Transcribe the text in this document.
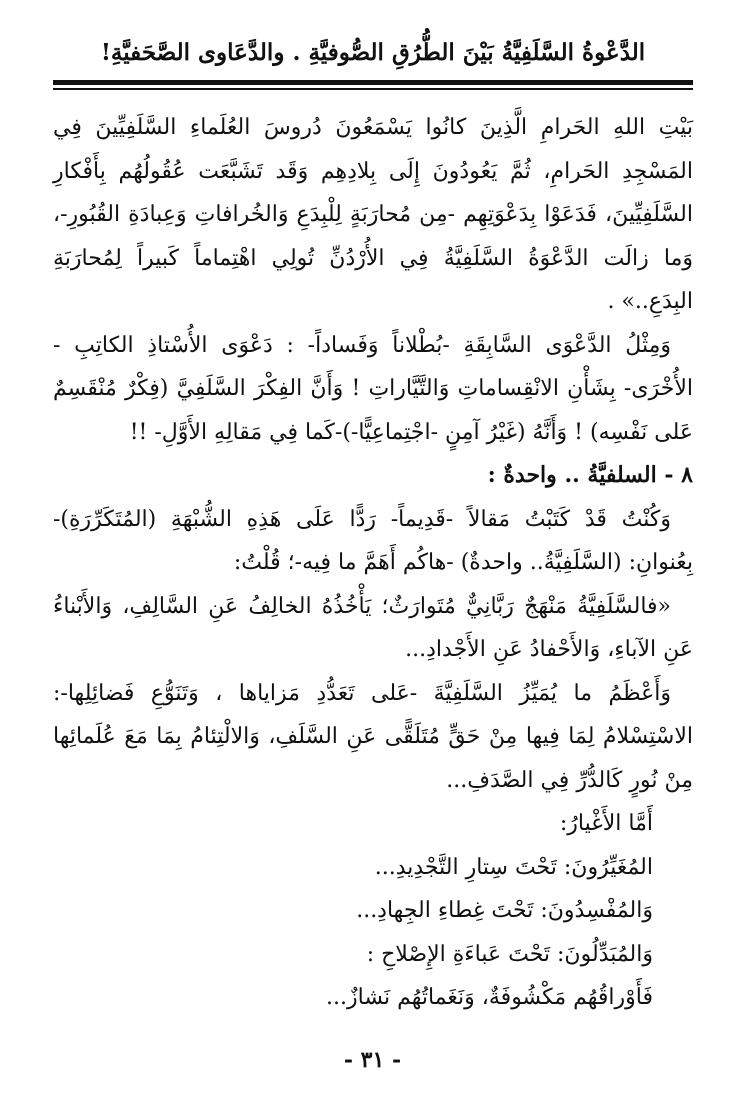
الدَّعْوةُ السَّلَفِيَّةُ بَيْنَ الطُّرُقِ الصُّوفيَّةِ . والدَّعَاوى الصَّحَفيَّةِ!

بَيْتِ اللهِ الحَرامِ الَّذِينَ كانُوا يَسْمَعُونَ دُروسَ العُلَماءِ السَّلَفِيِّينَ فِي المَسْجِدِ الحَرامِ، ثُمَّ يَعُودُونَ إِلَى بِلادِهِم وَقَد تَشَبَّعَت عُقُولُهُم بِأَفْكارِ السَّلَفِيِّينَ، فَدَعَوْا بِدَعْوَتِهِم -مِن مُحارَبَةٍ لِلْبِدَعِ وَالخُرافاتِ وَعِبادَةِ القُبُورِ-، وَما زالَت الدَّعْوَةُ السَّلَفِيَّةُ فِي الأُرْدُنِّ تُولِي اهْتِماماً كَبيراً لِمُحارَبَةِ البِدَعِ..» .

وَمِثْلُ الدَّعْوَى السَّابِقَةِ -بُطْلاناً وَفَساداً- : دَعْوَى الأُسْتاذِ الكاتِبِ - الأُخْرَى- بِشَأْنِ الانْقِساماتِ وَالتَّيَّاراتِ ! وَأَنَّ الفِكْرَ السَّلَفِيَّ (فِكْرٌ مُنْقَسِمٌ عَلى نَفْسِه) ! وَأَنَّهُ (غَيْرُ آمِنٍ -اجْتِماعِيًّا-)-كَما فِي مَقالِهِ الأَوَّلِ- !!

٨ - السلفيَّةُ .. واحدةٌ :

وَكُنْتُ قَدْ كَتَبْتُ مَقالاً -قَدِيماً- رَدًّا عَلَى هَذِهِ الشُّبْهَةِ (المُتَكَرِّرَةِ)- بِعُنوانِ: (السَّلَفِيَّةُ.. واحدةٌ) -هاكُم أَهَمَّ ما فِيه-؛ قُلْتُ:

«فالسَّلَفِيَّةُ مَنْهَجٌ رَبَّانِيٌّ مُتَوارَثٌ؛ يَأْخُذُهُ الخالِفُ عَنِ السَّالِفِ، وَالأَبْناءُ عَنِ الآباءِ، وَالأَحْفادُ عَنِ الأَجْدادِ...

وَأَعْظَمُ ما يُمَيِّزُ السَّلَفِيَّةَ -عَلى تَعَدُّدِ مَزاياها ، وَتَنَوُّعِ فَضائِلِها-: الاسْتِسْلامُ لِمَا فِيها مِنْ حَقٍّ مُتَلَقًّى عَنِ السَّلَفِ، وَالالْتِئامُ بِمَا مَعَ عُلَمائِها مِنْ نُورٍ كَالدُّرِّ فِي الصَّدَفِ...

أَمَّا الأَغْيارُ:
المُغَيِّرُونَ: تَحْتَ سِتارِ التَّجْدِيدِ...
وَالمُفْسِدُونَ: تَحْتَ غِطاءِ الجِهادِ...
وَالمُبَدِّلُونَ: تَحْتَ عَباءَةِ الإِصْلاحِ :
فَأَوْراقُهُم مَكْشُوفَةٌ، وَنَغَماتُهُم نَشازٌ...
- ٣١ -
